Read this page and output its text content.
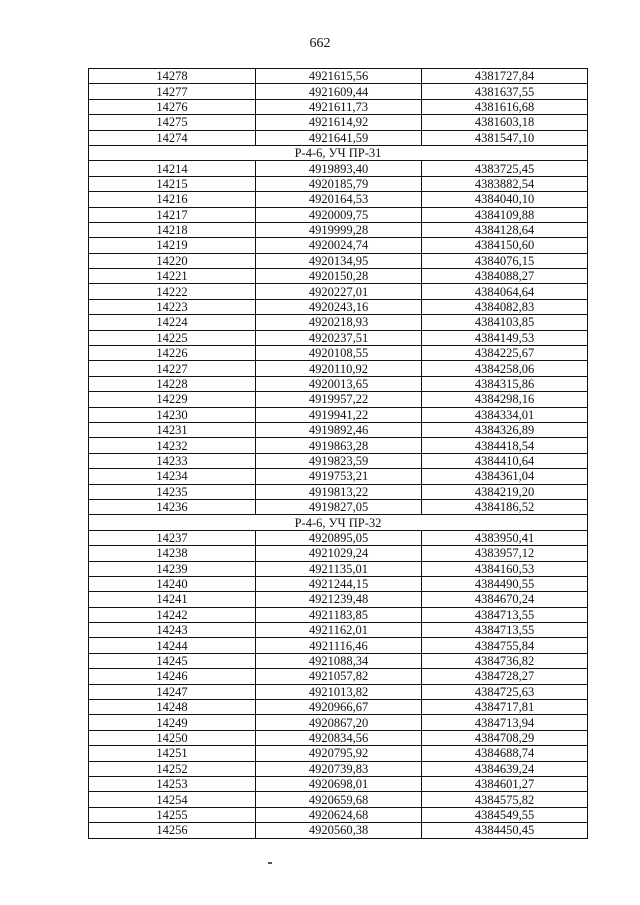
662
14278	4921615,56	4381727,84
14277	4921609,44	4381637,55
14276	4921611,73	4381616,68
14275	4921614,92	4381603,18
14274	4921641,59	4381547,10
Р-4-6, УЧ ПР-31		
14214	4919893,40	4383725,45
14215	4920185,79	4383882,54
14216	4920164,53	4384040,10
14217	4920009,75	4384109,88
14218	4919999,28	4384128,64
14219	4920024,74	4384150,60
14220	4920134,95	4384076,15
14221	4920150,28	4384088,27
14222	4920227,01	4384064,64
14223	4920243,16	4384082,83
14224	4920218,93	4384103,85
14225	4920237,51	4384149,53
14226	4920108,55	4384225,67
14227	4920110,92	4384258,06
14228	4920013,65	4384315,86
14229	4919957,22	4384298,16
14230	4919941,22	4384334,01
14231	4919892,46	4384326,89
14232	4919863,28	4384418,54
14233	4919823,59	4384410,64
14234	4919753,21	4384361,04
14235	4919813,22	4384219,20
14236	4919827,05	4384186,52
Р-4-6, УЧ ПР-32		
14237	4920895,05	4383950,41
14238	4921029,24	4383957,12
14239	4921135,01	4384160,53
14240	4921244,15	4384490,55
14241	4921239,48	4384670,24
14242	4921183,85	4384713,55
14243	4921162,01	4384713,55
14244	4921116,46	4384755,84
14245	4921088,34	4384736,82
14246	4921057,82	4384728,27
14247	4921013,82	4384725,63
14248	4920966,67	4384717,81
14249	4920867,20	4384713,94
14250	4920834,56	4384708,29
14251	4920795,92	4384688,74
14252	4920739,83	4384639,24
14253	4920698,01	4384601,27
14254	4920659,68	4384575,82
14255	4920624,68	4384549,55
14256	4920560,38	4384450,45
